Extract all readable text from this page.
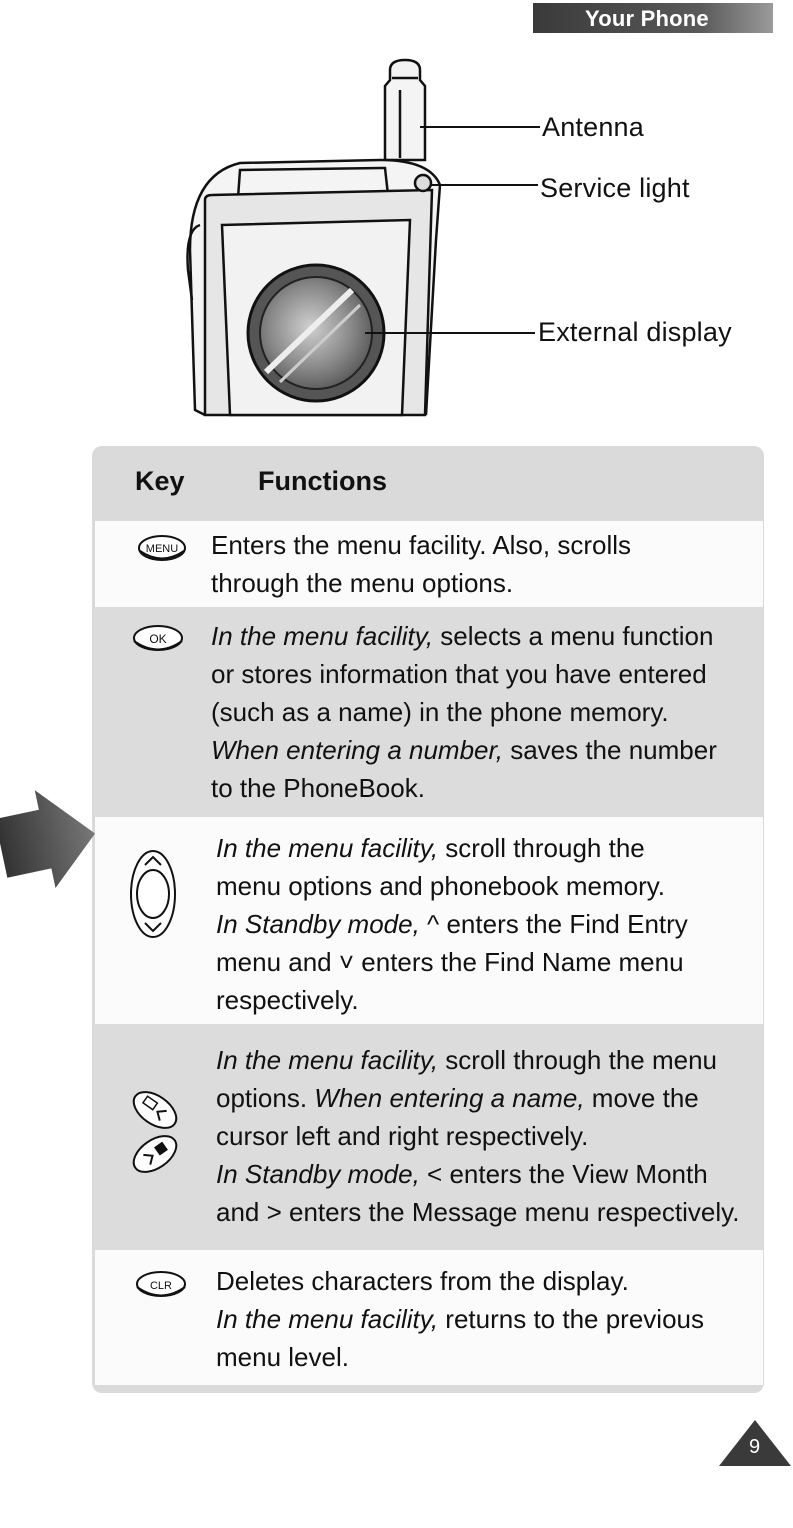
Your Phone
Antenna
Service light
External display
Key	Functions
MENU
OK
CLR
Enters the menu facility. Also, scrolls
through the menu options.
In the menu facility, selects a menu function
or stores information that you have entered
(such as a name) in the phone memory.
When entering a number, saves the number
to the PhoneBook.
In the menu facility, scroll through the
menu options and phonebook memory.
In Standby mode, ^ enters the Find Entry
menu and ˅ enters the Find Name menu
respectively.
In the menu facility, scroll through the menu
options. When entering a name, move the
cursor left and right respectively.
In Standby mode, < enters the View Month
and > enters the Message menu respectively.
Deletes characters from the display.
In the menu facility, returns to the previous
menu level.
9
